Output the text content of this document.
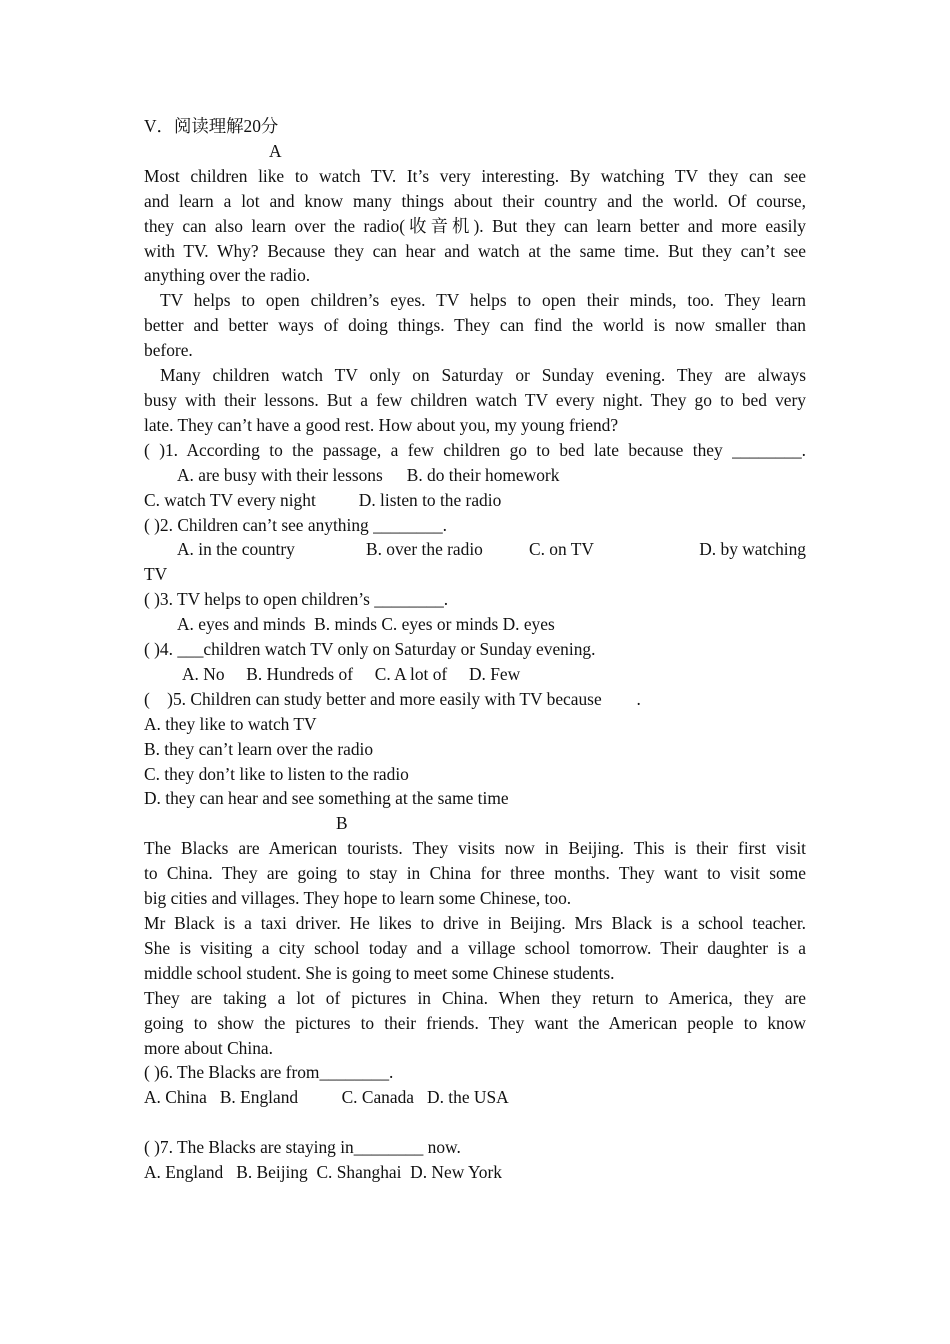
V．阅读理解20分
A
Most children like to watch TV. It’s very interesting. By watching TV they can see
and learn a lot and know many things about their country and the world. Of course,
they can also learn over the radio(收音机). But they can learn better and more easily
with TV. Why? Because they can hear and watch at the same time. But they can’t see
anything over the radio.
TV helps to open children’s eyes. TV helps to open their minds, too. They learn
better and better ways of doing things. They can find the world is now smaller than
before.
Many children watch TV only on Saturday or Sunday evening. They are always
busy with their lessons. But a few children watch TV every night. They go to bed very
late. They can’t have a good rest. How about you, my young friend?
( )1. According to the passage, a few children go to bed late because they ________.
A. are busy with their lessons B. do their homework
C. watch TV every night D. listen to the radio
( )2. Children can’t see anything ________.
A. in the country	B. over the radio	C. on TV	D. by watching
TV
( )3. TV helps to open children’s ________.
A. eyes and minds  B. minds C. eyes or minds D. eyes
( )4. ___children watch TV only on Saturday or Sunday evening.
A. No     B. Hundreds of     C. A lot of     D. Few
(    )5. Children can study better and more easily with TV because        .
A. they like to watch TV
B. they can’t learn over the radio
C. they don’t like to listen to the radio
D. they can hear and see something at the same time
B
The Blacks are American tourists. They visits now in Beijing. This is their first visit
to China. They are going to stay in China for three months. They want to visit some
big cities and villages. They hope to learn some Chinese, too.
Mr Black is a taxi driver. He likes to drive in Beijing. Mrs Black is a school teacher.
She is visiting a city school today and a village school tomorrow. Their daughter is a
middle school student. She is going to meet some Chinese students.
They are taking a lot of pictures in China. When they return to America, they are
going to show the pictures to their friends. They want the American people to know
more about China.
( )6. The Blacks are from________.
A. China   B. England          C. Canada   D. the USA
( )7. The Blacks are staying in________ now.
A. England   B. Beijing  C. Shanghai  D. New York
